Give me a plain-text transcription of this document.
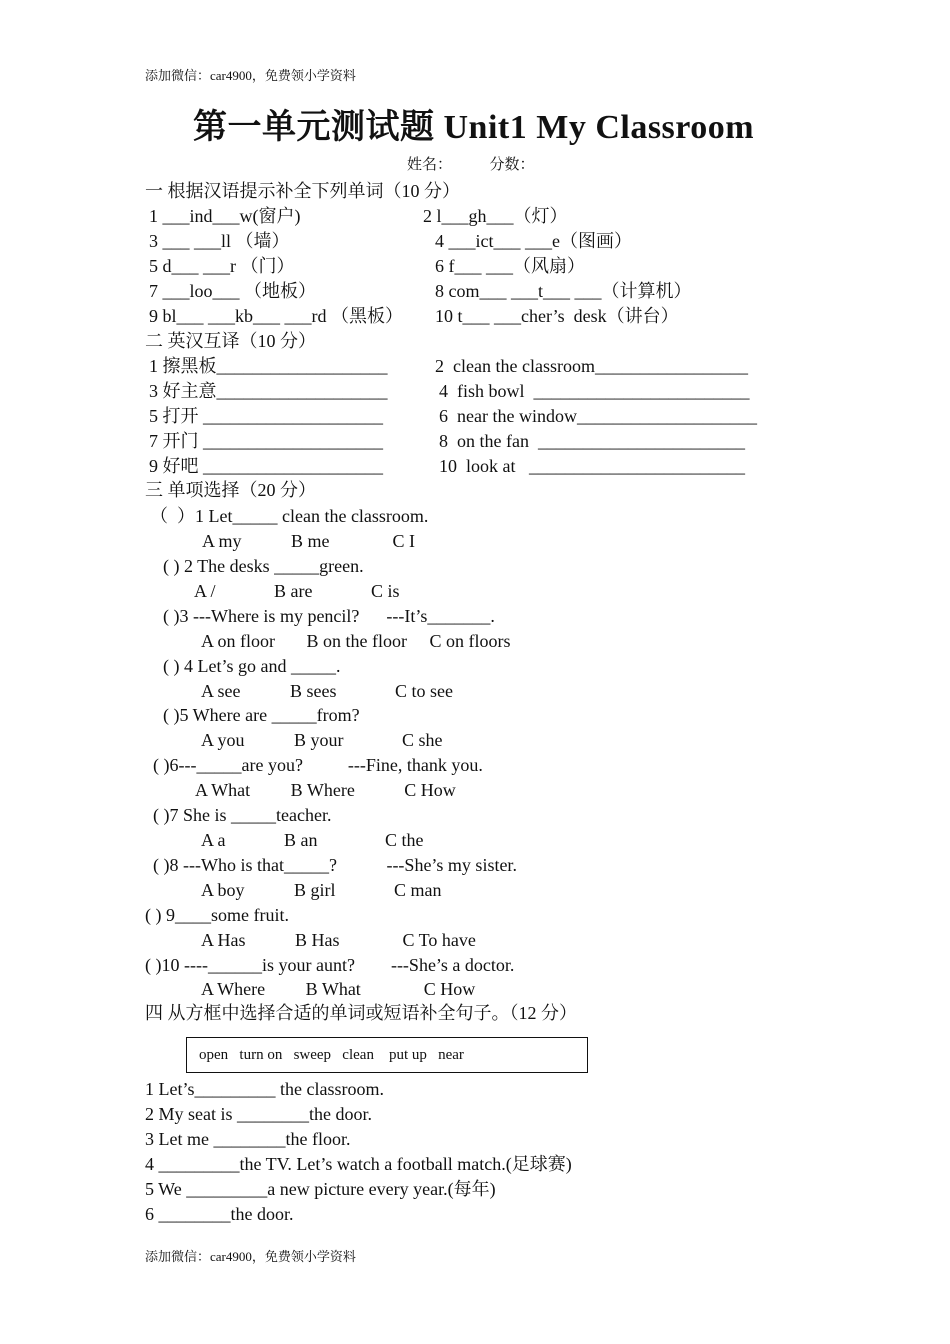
添加微信：car4900，免费领小学资料
第一单元测试题 Unit1 My Classroom
姓名：          分数：
一 根据汉语提示补全下列单词（10 分）
1 ___ind___w(窗户)	2 l___gh___（灯）
3 ___ ___ll （墙）	4 ___ict___ ___e（图画）
5 d___ ___r （门）	6 f___ ___（风扇）
7 ___loo___ （地板）	8 com___ ___t___ ___（计算机）
9 bl___ ___kb___ ___rd （黑板） 10 t___ ___cher’s  desk（讲台）
二 英汉互译（10 分）
1 擦黑板___________________	2  clean the classroom_________________
3 好主意___________________	4  fish bowl  ________________________
5 打开 ____________________	6  near the window____________________
7 开门 ____________________	8  on the fan  _______________________
9 好吧 ____________________	10  look at   ________________________
三 单项选择（20 分）
（  ）1 Let_____ clean the classroom.
A my           B me              C I
( ) 2 The desks _____green.
A /             B are             C is
( )3 ---Where is my pencil?      ---It’s_______.
A on floor       B on the floor     C on floors
( ) 4 Let’s go and _____.
A see           B sees             C to see
( )5 Where are _____from?
A you           B your             C she
( )6---_____are you?          ---Fine, thank you.
A What         B Where           C How
( )7 She is _____teacher.
A a             B an               C the
( )8 ---Who is that_____?           ---She’s my sister.
A boy           B girl             C man
( ) 9____some fruit.
A Has           B Has              C To have
( )10 ----______is your aunt?        ---She’s a doctor.
A Where         B What              C How
四 从方框中选择合适的单词或短语补全句子。（12 分）
open   turn on   sweep   clean    put up   near
1 Let’s_________ the classroom.
2 My seat is ________the door.
3 Let me ________the floor.
4 _________the TV. Let’s watch a football match.(足球赛)
5 We _________a new picture every year.(每年)
6 ________the door.
添加微信：car4900，免费领小学资料
